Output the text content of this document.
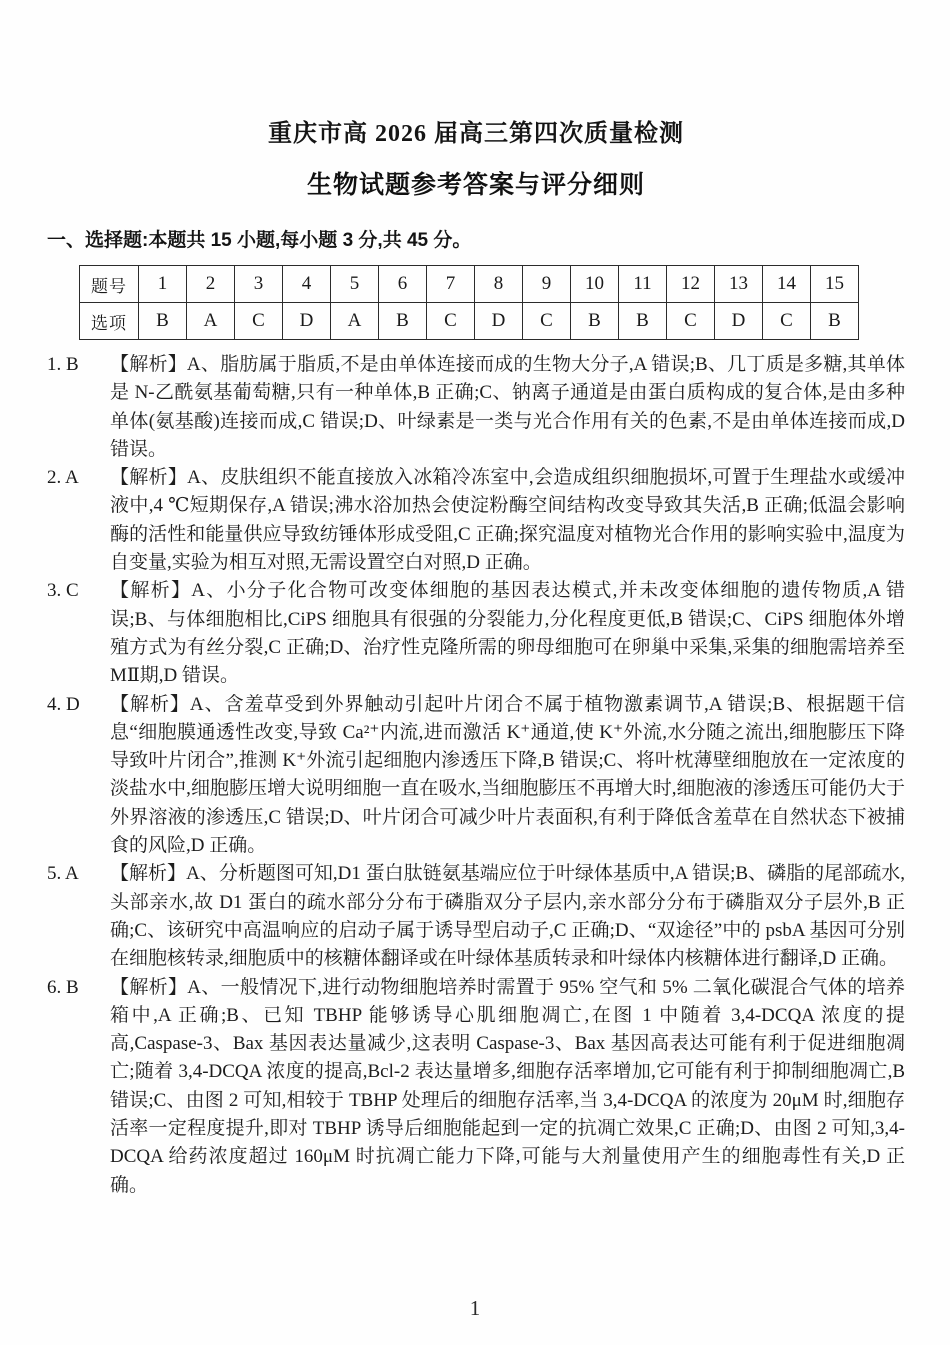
重庆市高 2026 届高三第四次质量检测
生物试题参考答案与评分细则
一、选择题:本题共 15 小题,每小题 3 分,共 45 分。
题号	1	2	3	4	5	6	7	8	9	10	11	12	13	14	15
选项	B	A	C	D	A	B	C	D	C	B	B	C	D	C	B
1. B 【解析】A、脂肪属于脂质,不是由单体连接而成的生物大分子,A 错误;B、几丁质是多糖,其单体是 N-乙酰氨基葡萄糖,只有一种单体,B 正确;C、钠离子通道是由蛋白质构成的复合体,是由多种单体(氨基酸)连接而成,C 错误;D、叶绿素是一类与光合作用有关的色素,不是由单体连接而成,D 错误。
2. A 【解析】A、皮肤组织不能直接放入冰箱冷冻室中,会造成组织细胞损坏,可置于生理盐水或缓冲液中,4 ℃短期保存,A 错误;沸水浴加热会使淀粉酶空间结构改变导致其失活,B 正确;低温会影响酶的活性和能量供应导致纺锤体形成受阻,C 正确;探究温度对植物光合作用的影响实验中,温度为自变量,实验为相互对照,无需设置空白对照,D 正确。
3. C 【解析】A、小分子化合物可改变体细胞的基因表达模式,并未改变体细胞的遗传物质,A 错误;B、与体细胞相比,CiPS 细胞具有很强的分裂能力,分化程度更低,B 错误;C、CiPS 细胞体外增殖方式为有丝分裂,C 正确;D、治疗性克隆所需的卵母细胞可在卵巢中采集,采集的细胞需培养至 MⅡ期,D 错误。
4. D 【解析】A、含羞草受到外界触动引起叶片闭合不属于植物激素调节,A 错误;B、根据题干信息“细胞膜通透性改变,导致 Ca²⁺内流,进而激活 K⁺通道,使 K⁺外流,水分随之流出,细胞膨压下降导致叶片闭合”,推测 K⁺外流引起细胞内渗透压下降,B 错误;C、将叶枕薄壁细胞放在一定浓度的淡盐水中,细胞膨压增大说明细胞一直在吸水,当细胞膨压不再增大时,细胞液的渗透压可能仍大于外界溶液的渗透压,C 错误;D、叶片闭合可减少叶片表面积,有利于降低含羞草在自然状态下被捕食的风险,D 正确。
5. A 【解析】A、分析题图可知,D1 蛋白肽链氨基端应位于叶绿体基质中,A 错误;B、磷脂的尾部疏水,头部亲水,故 D1 蛋白的疏水部分分布于磷脂双分子层内,亲水部分分布于磷脂双分子层外,B 正确;C、该研究中高温响应的启动子属于诱导型启动子,C 正确;D、“双途径”中的 psbA 基因可分别在细胞核转录,细胞质中的核糖体翻译或在叶绿体基质转录和叶绿体内核糖体进行翻译,D 正确。
6. B 【解析】A、一般情况下,进行动物细胞培养时需置于 95% 空气和 5% 二氧化碳混合气体的培养箱中,A 正确;B、已知 TBHP 能够诱导心肌细胞凋亡,在图 1 中随着 3,4-DCQA 浓度的提高,Caspase-3、Bax 基因表达量减少,这表明 Caspase-3、Bax 基因高表达可能有利于促进细胞凋亡;随着 3,4-DCQA 浓度的提高,Bcl-2 表达量增多,细胞存活率增加,它可能有利于抑制细胞凋亡,B 错误;C、由图 2 可知,相较于 TBHP 处理后的细胞存活率,当 3,4-DCQA 的浓度为 20μM 时,细胞存活率一定程度提升,即对 TBHP 诱导后细胞能起到一定的抗凋亡效果,C 正确;D、由图 2 可知,3,4-DCQA 给药浓度超过 160μM 时抗凋亡能力下降,可能与大剂量使用产生的细胞毒性有关,D 正确。
1
